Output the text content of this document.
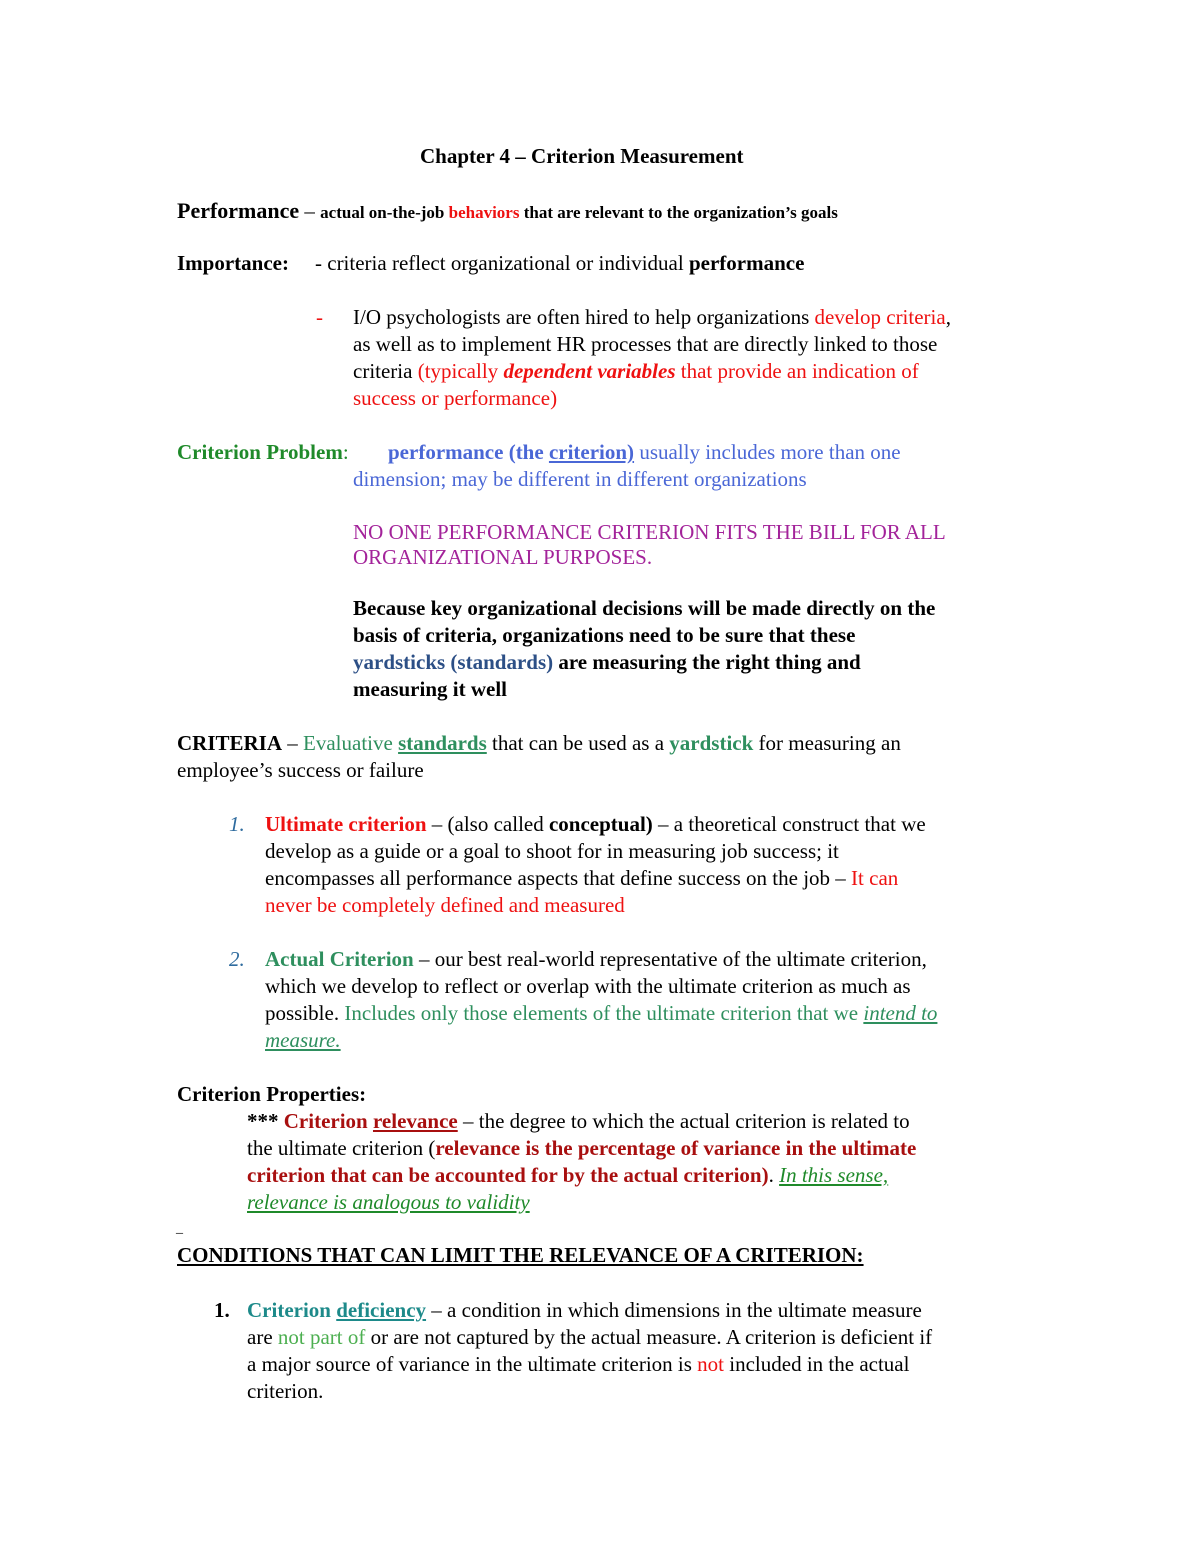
Chapter 4 – Criterion Measurement
Performance – actual on-the-job behaviors that are relevant to the organization’s goals
Importance: - criteria reflect organizational or individual performance
- I/O psychologists are often hired to help organizations develop criteria,
as well as to implement HR processes that are directly linked to those
criteria (typically dependent variables that provide an indication of
success or performance)
Criterion Problem: performance (the criterion) usually includes more than one
dimension; may be different in different organizations
NO ONE PERFORMANCE CRITERION FITS THE BILL FOR ALL
ORGANIZATIONAL PURPOSES.
Because key organizational decisions will be made directly on the
basis of criteria, organizations need to be sure that these
yardsticks (standards) are measuring the right thing and
measuring it well
CRITERIA – Evaluative standards that can be used as a yardstick for measuring an
employee’s success or failure
1. Ultimate criterion – (also called conceptual) – a theoretical construct that we
develop as a guide or a goal to shoot for in measuring job success; it
encompasses all performance aspects that define success on the job – It can
never be completely defined and measured
2. Actual Criterion – our best real-world representative of the ultimate criterion,
which we develop to reflect or overlap with the ultimate criterion as much as
possible. Includes only those elements of the ultimate criterion that we intend to
measure.
Criterion Properties:
*** Criterion relevance – the degree to which the actual criterion is related to
the ultimate criterion (relevance is the percentage of variance in the ultimate
criterion that can be accounted for by the actual criterion). In this sense,
relevance is analogous to validity
_
CONDITIONS THAT CAN LIMIT THE RELEVANCE OF A CRITERION:
1. Criterion deficiency – a condition in which dimensions in the ultimate measure
are not part of or are not captured by the actual measure. A criterion is deficient if
a major source of variance in the ultimate criterion is not included in the actual
criterion.
